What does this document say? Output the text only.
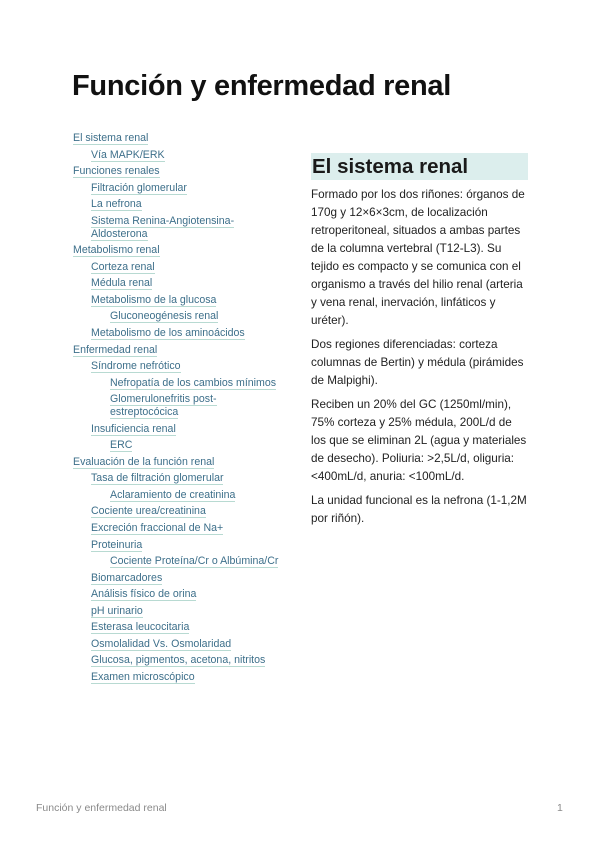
Función y enfermedad renal
El sistema renal
Vía MAPK/ERK
Funciones renales
Filtración glomerular
La nefrona
Sistema Renina-Angiotensina-
Aldosterona
Metabolismo renal
Corteza renal
Médula renal
Metabolismo de la glucosa
Gluconeogénesis renal
Metabolismo de los aminoácidos
Enfermedad renal
Síndrome nefrótico
Nefropatía de los cambios mínimos
Glomerulonefritis post-
estreptocócica
Insuficiencia renal
ERC
Evaluación de la función renal
Tasa de filtración glomerular
Aclaramiento de creatinina
Cociente urea/creatinina
Excreción fraccional de Na+
Proteinuria
Cociente Proteína/Cr o Albúmina/Cr
Biomarcadores
Análisis físico de orina
pH urinario
Esterasa leucocitaria
Osmolalidad Vs. Osmolaridad
Glucosa, pigmentos, acetona, nitritos
Examen microscópico
El sistema renal

Formado por los dos riñones: órganos de 170g y 12×6×3cm, de localización retroperitoneal, situados a ambas partes de la columna vertebral (T12-L3). Su tejido es compacto y se comunica con el organismo a través del hilio renal (arteria y vena renal, inervación, linfáticos y uréter).

Dos regiones diferenciadas: corteza columnas de Bertin) y médula (pirámides de Malpighi).

Reciben un 20% del GC (1250ml/min), 75% corteza y 25% médula, 200L/d de los que se eliminan 2L (agua y materiales de desecho). Poliuria: >2,5L/d, oliguria:<400mL/d, anuria: <100mL/d.

La unidad funcional es la nefrona (1-1,2M por riñón).

Función y enfermedad renal	1
